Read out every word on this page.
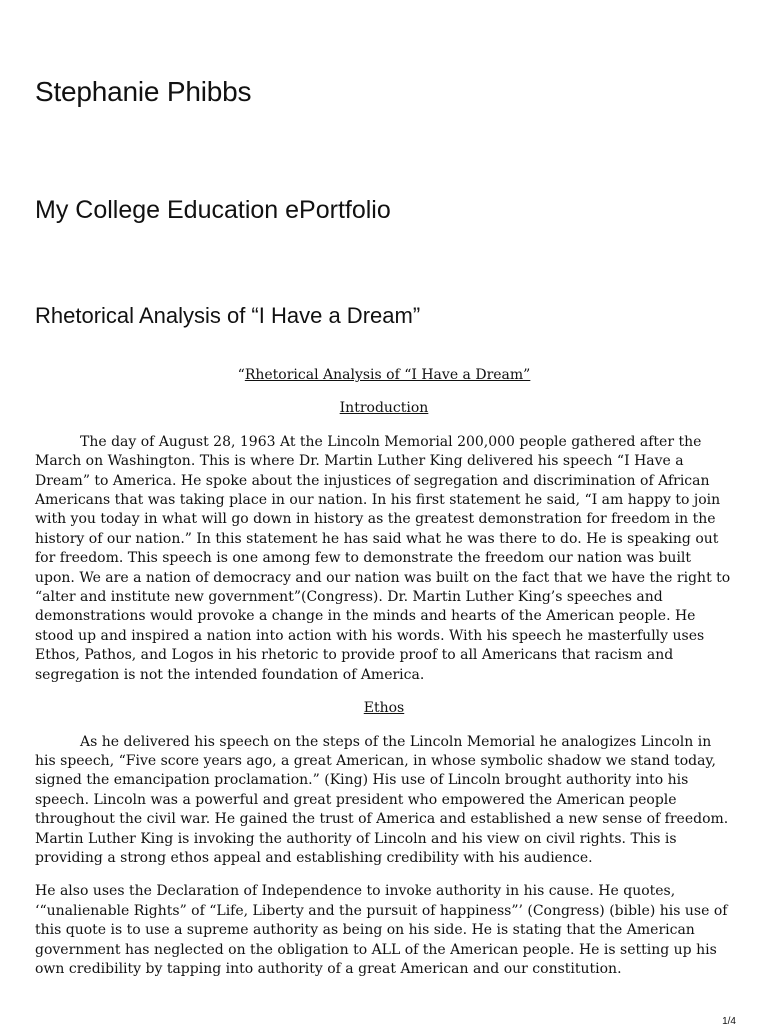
Stephanie Phibbs
My College Education ePortfolio
Rhetorical Analysis of “I Have a Dream”

“Rhetorical Analysis of “I Have a Dream”

Introduction

The day of August 28, 1963 At the Lincoln Memorial 200,000 people gathered after the March on Washington. This is where Dr. Martin Luther King delivered his speech “I Have a Dream” to America. He spoke about the injustices of segregation and discrimination of African Americans that was taking place in our nation. In his first statement he said, “I am happy to join with you today in what will go down in history as the greatest demonstration for freedom in the history of our nation.” In this statement he has said what he was there to do. He is speaking out for freedom. This speech is one among few to demonstrate the freedom our nation was built upon. We are a nation of democracy and our nation was built on the fact that we have the right to “alter and institute new government”(Congress). Dr. Martin Luther King’s speeches and demonstrations would provoke a change in the minds and hearts of the American people. He stood up and inspired a nation into action with his words. With his speech he masterfully uses Ethos, Pathos, and Logos in his rhetoric to provide proof to all Americans that racism and segregation is not the intended foundation of America.

Ethos

As he delivered his speech on the steps of the Lincoln Memorial he analogizes Lincoln in his speech, “Five score years ago, a great American, in whose symbolic shadow we stand today, signed the emancipation proclamation.” (King) His use of Lincoln brought authority into his speech. Lincoln was a powerful and great president who empowered the American people throughout the civil war. He gained the trust of America and established a new sense of freedom. Martin Luther King is invoking the authority of Lincoln and his view on civil rights. This is providing a strong ethos appeal and establishing credibility with his audience.

He also uses the Declaration of Independence to invoke authority in his cause. He quotes, ‘“unalienable Rights” of “Life, Liberty and the pursuit of happiness”’ (Congress) (bible) his use of this quote is to use a supreme authority as being on his side. He is stating that the American government has neglected on the obligation to ALL of the American people. He is setting up his own credibility by tapping into authority of a great American and our constitution.

1/4
